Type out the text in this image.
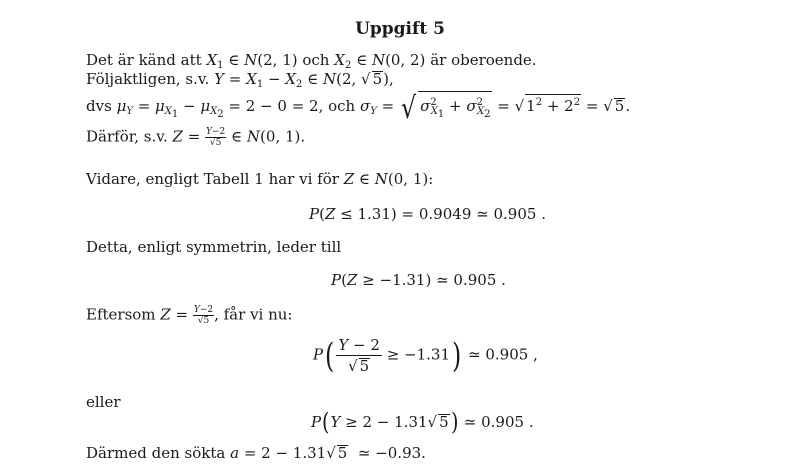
Uppgift 5
Det är känd att $X_1$ ∈ N(2, 1) och $X_2$ ∈ N(0, 2) är oberoende.
Följaktligen, s.v. $Y = X_1 - X_2$ ∈ N(2, √ 5),
dvs $\mu_Y = \mu_{X_1} - \mu_{X_2} = 2 - 0 = 2$, och $\sigma_Y$ = √ $\sigma^2_{X_1} + \sigma^2_{X_2}$ = √ $1^2 + 2^2$ = √ 5.
Därför, s.v. $Z = \frac{Y-2}{√5}$ ∈ N(0, 1).
Vidare, engligt Tabell 1 har vi för Z ∈ N(0, 1):
P(Z ≤ 1.31) = 0.9049 ≃ 0.905 .
Detta, enligt symmetrin, leder till
P(Z ≥ −1.31) ≃ 0.905 .
Eftersom $Z = \frac{Y-2}{√5}$ , får vi nu:
$P( \frac{Y - 2}{√ 5} \ge -1.31)$ ≃ 0.905 ,
eller
P(Y ≥ 2 − 1.31√ 5) ≃ 0.905 .
Därmed den sökta a = 2 − 1.31√ 5  ≃ −0.93.
